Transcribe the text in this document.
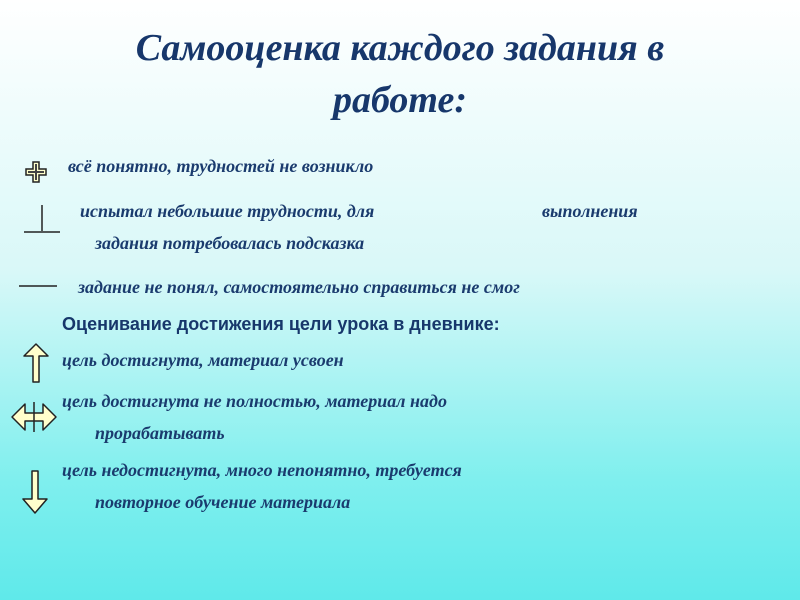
Самооценка каждого задания в
работе:
всё понятно, трудностей не возникло
испытал небольшие трудности, для	выполнения
задания потребовалась подсказка
задание не понял, самостоятельно справиться не смог
Оценивание достижения цели урока в дневнике:
цель достигнута, материал усвоен
цель достигнута не полностью, материал надо
прорабатывать
цель недостигнута, много непонятно, требуется
повторное обучение материала
